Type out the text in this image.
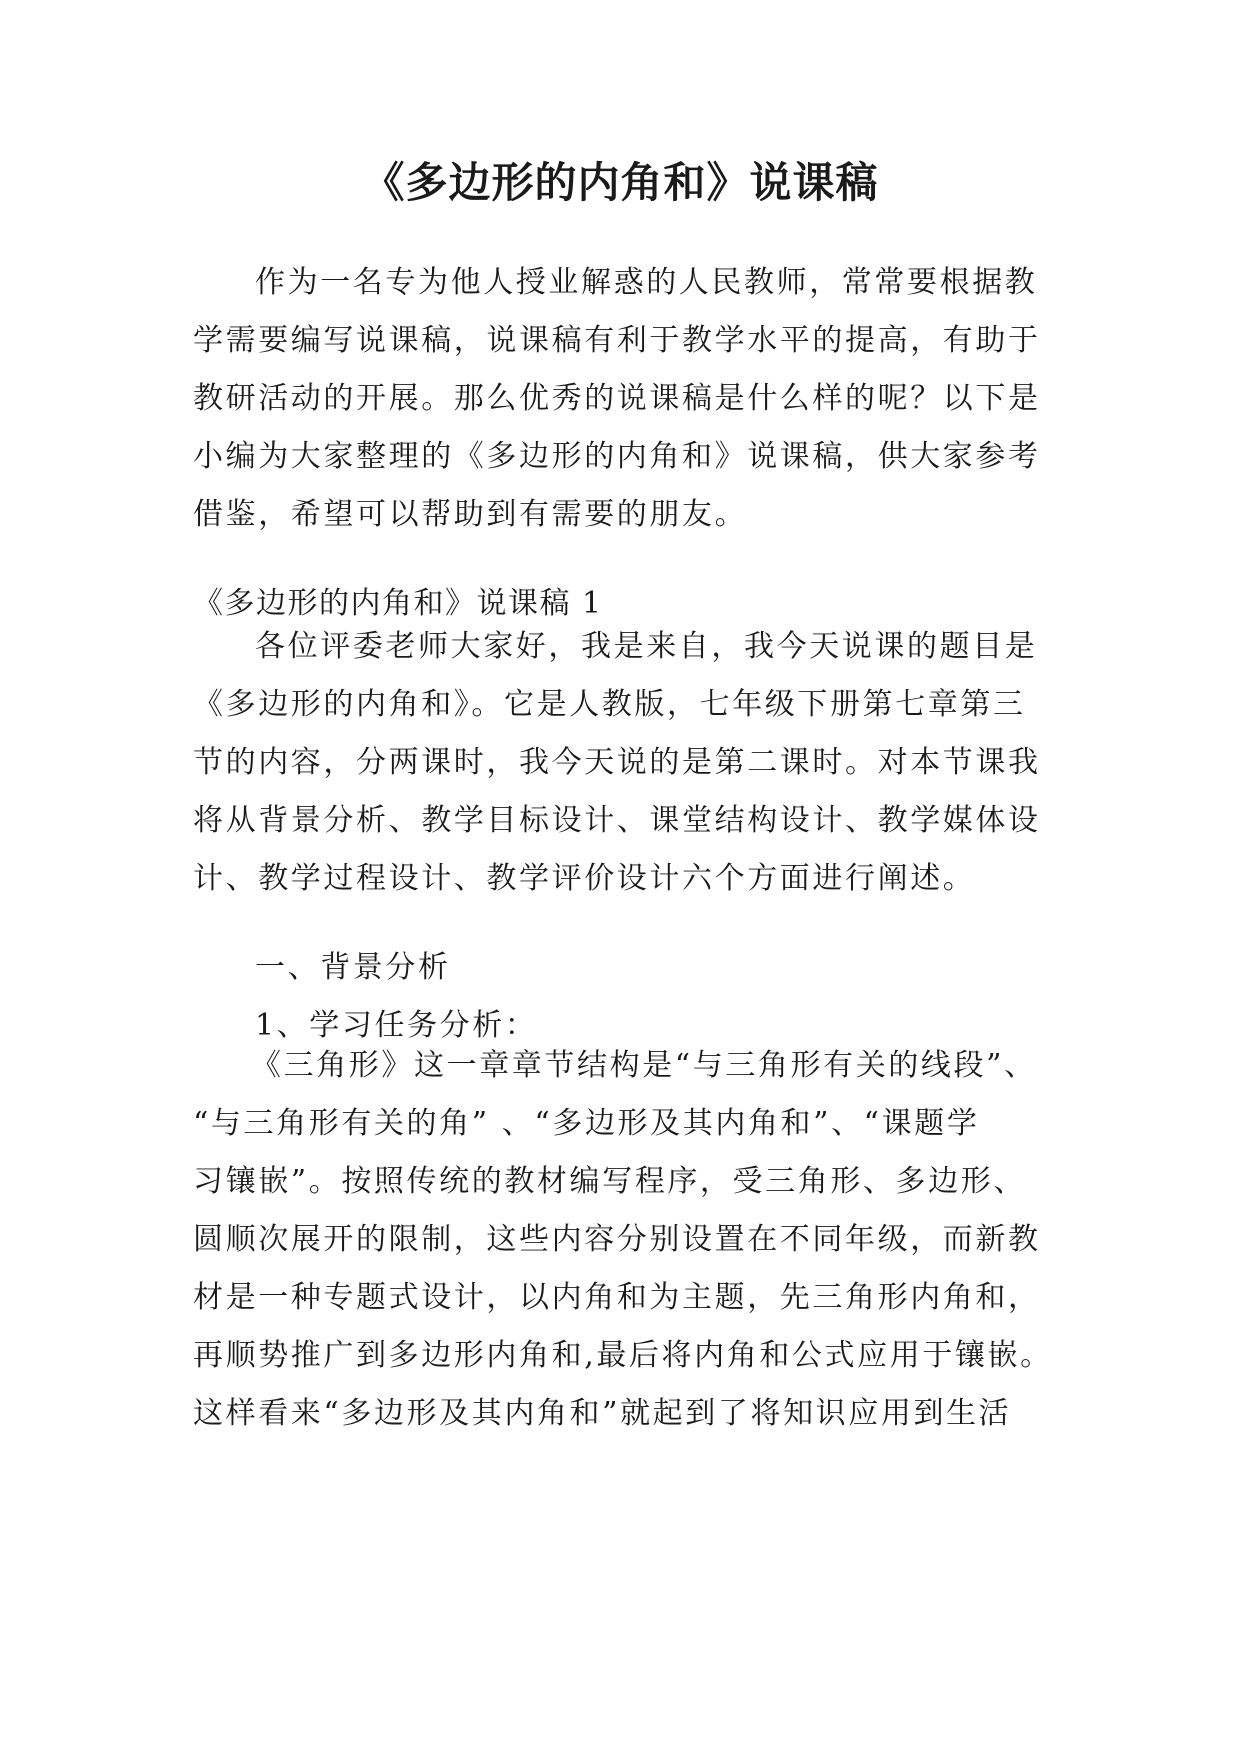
《多边形的内角和》说课稿
作为一名专为他人授业解惑的人民教师，常常要根据教
学需要编写说课稿，说课稿有利于教学水平的提高，有助于
教研活动的开展。那么优秀的说课稿是什么样的呢？以下是
小编为大家整理的《多边形的内角和》说课稿，供大家参考
借鉴，希望可以帮助到有需要的朋友。

《多边形的内角和》说课稿 1

各位评委老师大家好，我是来自，我今天说课的题目是
《多边形的内角和》。它是人教版，七年级下册第七章第三
节的内容，分两课时，我今天说的是第二课时。对本节课我
将从背景分析、教学目标设计、课堂结构设计、教学媒体设
计、教学过程设计、教学评价设计六个方面进行阐述。

一、背景分析

1、学习任务分析：

《三角形》这一章章节结构是“与三角形有关的线段”、
“与三角形有关的角” 、“多边形及其内角和”、“课题学
习镶嵌”。按照传统的教材编写程序，受三角形、多边形、
圆顺次展开的限制，这些内容分别设置在不同年级，而新教
材是一种专题式设计，以内角和为主题，先三角形内角和，
再顺势推广到多边形内角和,最后将内角和公式应用于镶嵌。
这样看来“多边形及其内角和”就起到了将知识应用到生活
